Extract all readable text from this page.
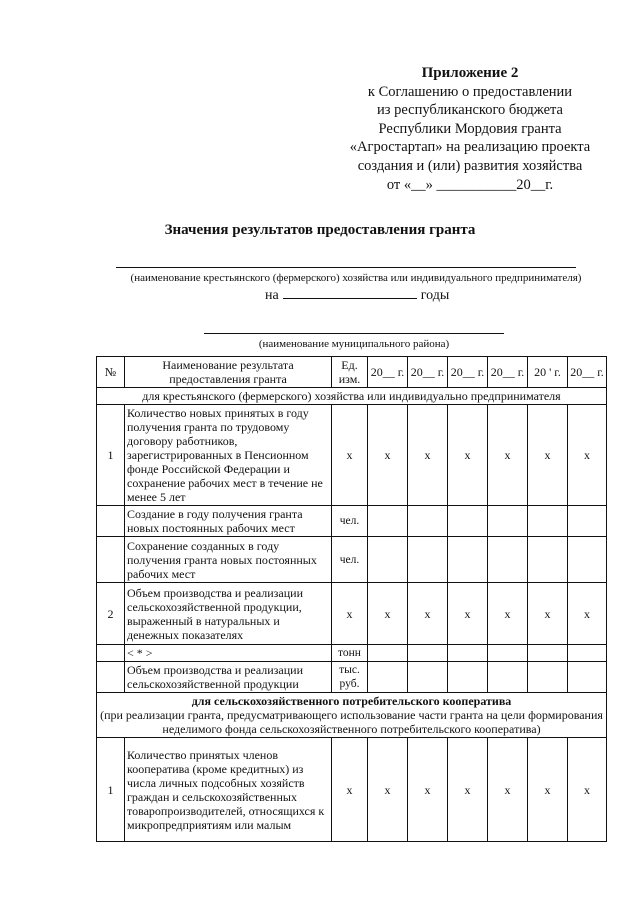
Приложение 2
к Соглашению о предоставлении
из республиканского бюджета
Республики Мордовия гранта
«Агростартап» на реализацию проекта
создания и (или) развития хозяйства
от «__» ___________20__г.
Значения результатов предоставления гранта
(наименование крестьянского (фермерского) хозяйства или индивидуального предпринимателя)
на	годы
(наименование муниципального района)
№	Наименование результата предоставления гранта	Ед. изм.	20__ г.	20__ г.	20__ г.	20__ г.	20 ' г.	20__ г.
для крестьянского (фермерского) хозяйства или индивидуально предпринимателя								
1	Количество новых принятых в году получения гранта по трудовому договору работников, зарегистрированных в Пенсионном фонде Российской Федерации и сохранение рабочих мест в течение не менее 5 лет	x	x	x	x	x	x	x
	Создание в году получения гранта новых постоянных рабочих мест	чел.						
	Сохранение созданных в году получения гранта новых постоянных рабочих мест	чел.						
2	Объем производства и реализации сельскохозяйственной продукции, выраженный в натуральных и денежных показателях	x	x	x	x	x	x	x
	< * >	тонн						
	Объем производства и реализации сельскохозяйственной продукции	тыс. руб.						

для сельскохозяйственного потребительского кооператива
(при реализации гранта, предусматривающего использование части гранта на цели формирования неделимого фонда сельскохозяйственного потребительского кооператива)								

1	Количество принятых членов кооператива (кроме кредитных) из числа личных подсобных хозяйств граждан и сельскохозяйственных товаропроизводителей, относящихся к микропредприятиям или малым	x	x	x	x	x	x	x
